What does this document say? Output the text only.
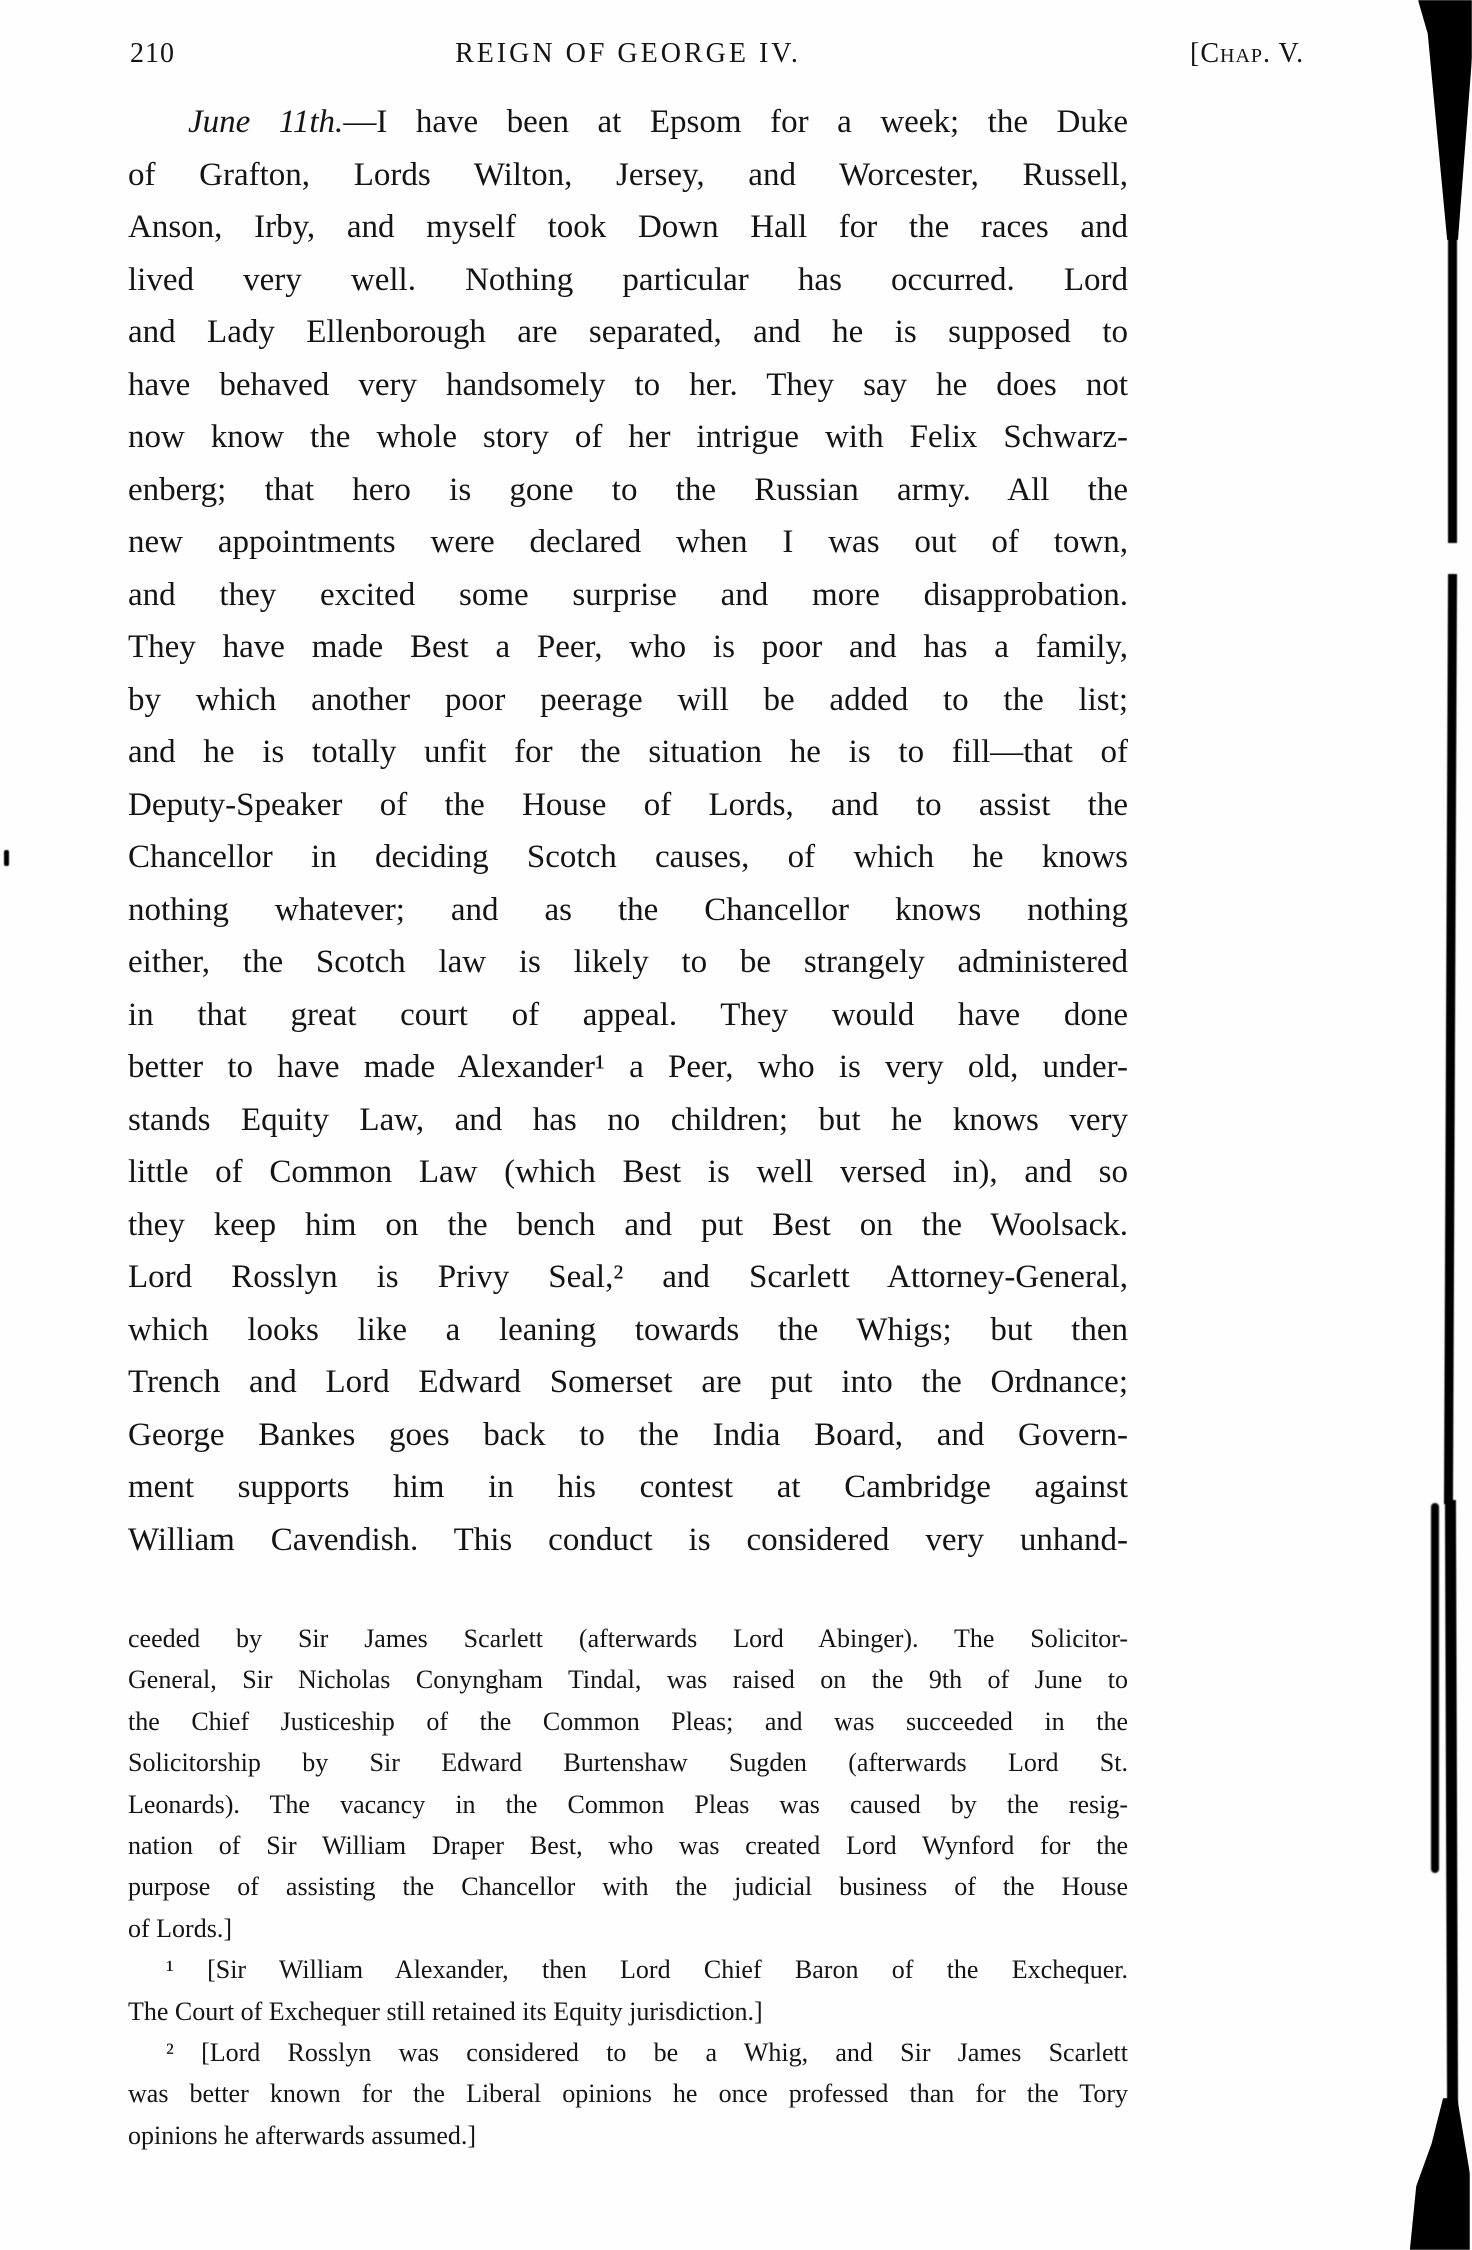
210	REIGN OF GEORGE IV.	[Chap. V.
June 11th.—I have been at Epsom for a week; the Duke
of Grafton, Lords Wilton, Jersey, and Worcester, Russell,
Anson, Irby, and myself took Down Hall for the races and
lived very well. Nothing particular has occurred. Lord
and Lady Ellenborough are separated, and he is supposed to
have behaved very handsomely to her. They say he does not
now know the whole story of her intrigue with Felix Schwarz-
enberg; that hero is gone to the Russian army. All the
new appointments were declared when I was out of town,
and they excited some surprise and more disapprobation.
They have made Best a Peer, who is poor and has a family,
by which another poor peerage will be added to the list;
and he is totally unfit for the situation he is to fill—that of
Deputy-Speaker of the House of Lords, and to assist the
Chancellor in deciding Scotch causes, of which he knows
nothing whatever; and as the Chancellor knows nothing
either, the Scotch law is likely to be strangely administered
in that great court of appeal. They would have done
better to have made Alexander¹ a Peer, who is very old, under-
stands Equity Law, and has no children; but he knows very
little of Common Law (which Best is well versed in), and so
they keep him on the bench and put Best on the Woolsack.
Lord Rosslyn is Privy Seal,² and Scarlett Attorney-General,
which looks like a leaning towards the Whigs; but then
Trench and Lord Edward Somerset are put into the Ordnance;
George Bankes goes back to the India Board, and Govern-
ment supports him in his contest at Cambridge against
William Cavendish. This conduct is considered very unhand-
ceeded by Sir James Scarlett (afterwards Lord Abinger). The Solicitor-
General, Sir Nicholas Conyngham Tindal, was raised on the 9th of June to
the Chief Justiceship of the Common Pleas; and was succeeded in the
Solicitorship by Sir Edward Burtenshaw Sugden (afterwards Lord St.
Leonards). The vacancy in the Common Pleas was caused by the resig-
nation of Sir William Draper Best, who was created Lord Wynford for the
purpose of assisting the Chancellor with the judicial business of the House
of Lords.]
¹ [Sir William Alexander, then Lord Chief Baron of the Exchequer.
The Court of Exchequer still retained its Equity jurisdiction.]
² [Lord Rosslyn was considered to be a Whig, and Sir James Scarlett
was better known for the Liberal opinions he once professed than for the Tory
opinions he afterwards assumed.]
